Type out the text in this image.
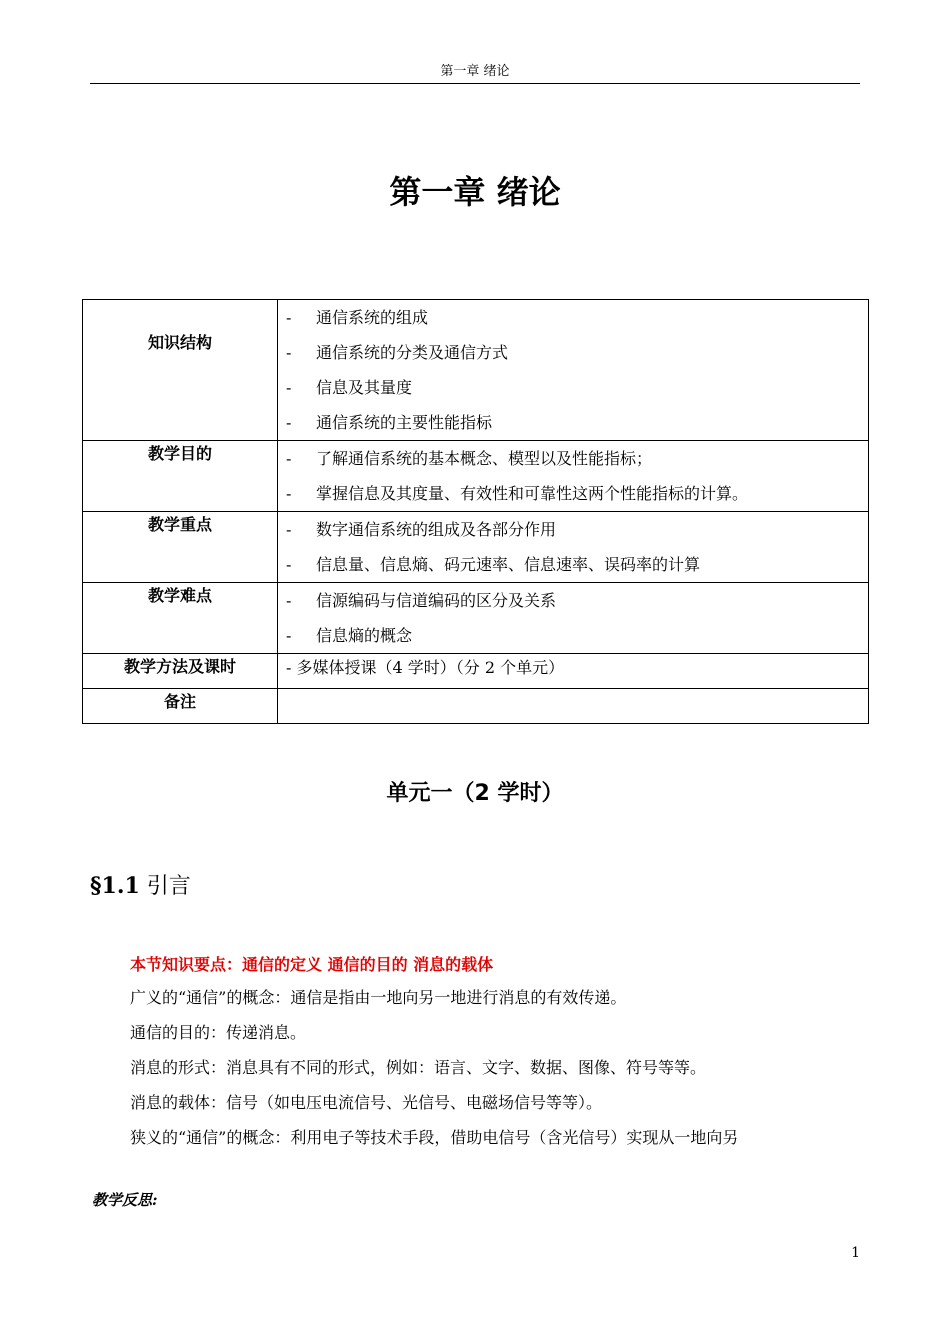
第一章 绪论
第一章 绪论
知识结构	- 通信系统的组成
- 通信系统的分类及通信方式
- 信息及其量度
- 通信系统的主要性能指标

教学目的	- 了解通信系统的基本概念、模型以及性能指标；
- 掌握信息及其度量、有效性和可靠性这两个性能指标的计算。

教学重点	- 数字通信系统的组成及各部分作用
- 信息量、信息熵、码元速率、信息速率、误码率的计算

教学难点	- 信源编码与信道编码的区分及关系
- 信息熵的概念

教学方法及课时	- 多媒体授课（4 学时）（分 2 个单元）

备注	
单元一（2 学时）
§1.1 引言
本节知识要点：通信的定义 通信的目的 消息的载体
广义的“通信”的概念：通信是指由一地向另一地进行消息的有效传递。
通信的目的：传递消息。
消息的形式：消息具有不同的形式，例如：语言、文字、数据、图像、符号等等。
消息的载体：信号（如电压电流信号、光信号、电磁场信号等等）。
狭义的“通信”的概念：利用电子等技术手段，借助电信号（含光信号）实现从一地向另
教学反思:
1
